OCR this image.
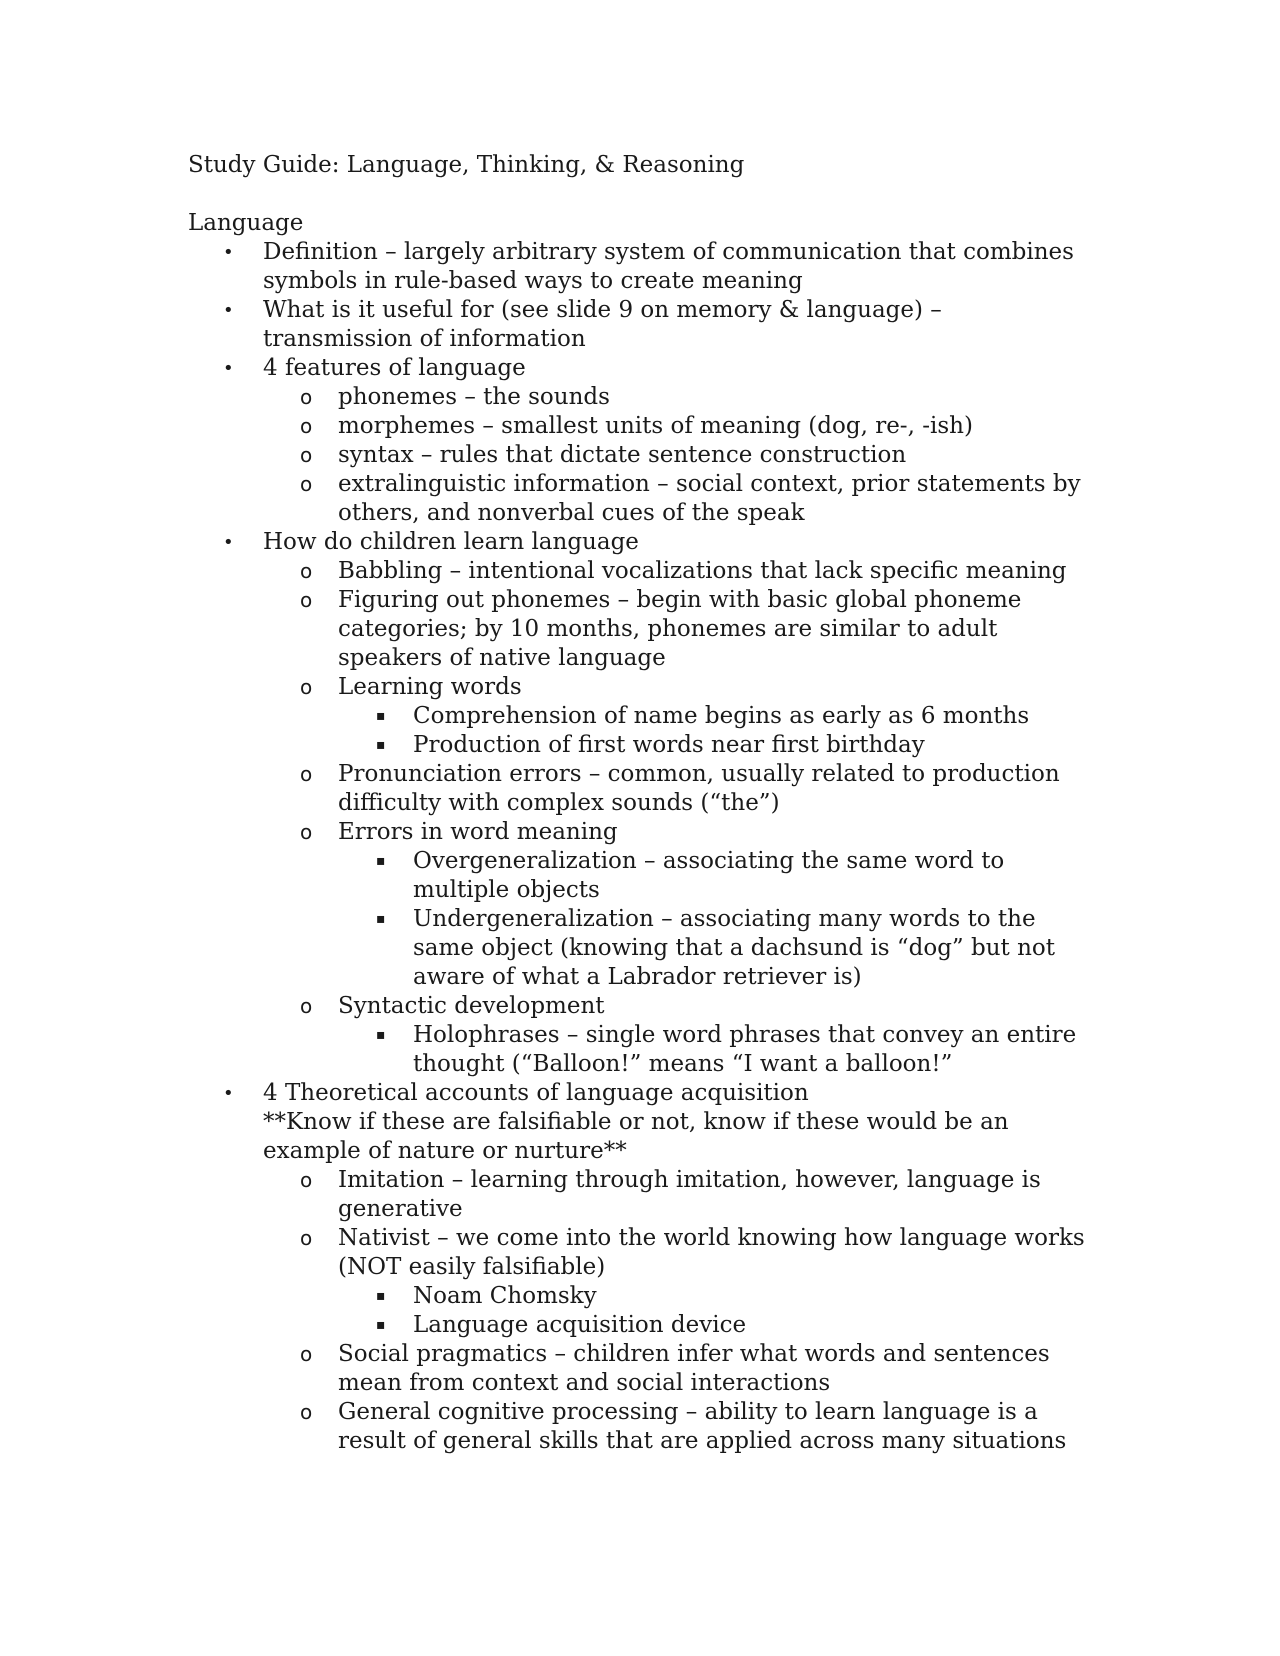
Study Guide: Language, Thinking, & Reasoning

Language

• Definition – largely arbitrary system of communication that combines symbols in rule-based ways to create meaning
• What is it useful for (see slide 9 on memory & language) – transmission of information
• 4 features of language
o phonemes – the sounds
o morphemes – smallest units of meaning (dog, re-, -ish)
o syntax – rules that dictate sentence construction
o extralinguistic information – social context, prior statements by others, and nonverbal cues of the speak
• How do children learn language
o Babbling – intentional vocalizations that lack specific meaning
o Figuring out phonemes – begin with basic global phoneme categories; by 10 months, phonemes are similar to adult speakers of native language
o Learning words
▪ Comprehension of name begins as early as 6 months
▪ Production of first words near first birthday
o Pronunciation errors – common, usually related to production difficulty with complex sounds (“the”)
o Errors in word meaning
▪ Overgeneralization – associating the same word to multiple objects
▪ Undergeneralization – associating many words to the same object (knowing that a dachsund is “dog” but not aware of what a Labrador retriever is)
o Syntactic development
▪ Holophrases – single word phrases that convey an entire thought (“Balloon!” means “I want a balloon!”
• 4 Theoretical accounts of language acquisition
**Know if these are falsifiable or not, know if these would be an example of nature or nurture**
o Imitation – learning through imitation, however, language is generative
o Nativist – we come into the world knowing how language works (NOT easily falsifiable)
▪ Noam Chomsky
▪ Language acquisition device
o Social pragmatics – children infer what words and sentences mean from context and social interactions
o General cognitive processing – ability to learn language is a result of general skills that are applied across many situations
